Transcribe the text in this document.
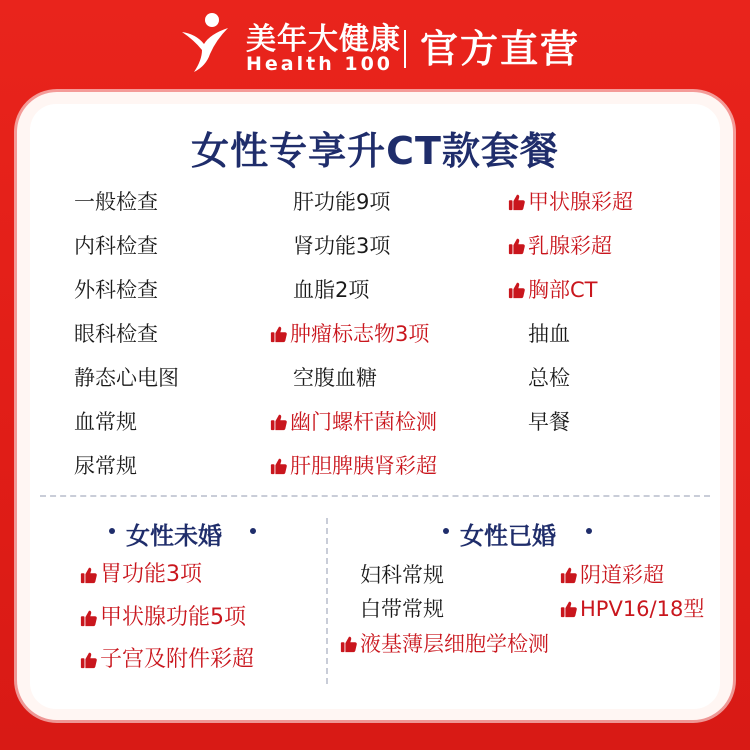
美年大健康
Health 100 官方直营
女性专享升CT款套餐
一般检查
内科检查
外科检查
眼科检查
静态心电图
血常规
尿常规
肝功能9项
肾功能3项
血脂2项
肿瘤标志物3项
空腹血糖
幽门螺杆菌检测
肝胆脾胰肾彩超
甲状腺彩超
乳腺彩超
胸部CT
抽血
总检
早餐
女性未婚
胃功能3项
甲状腺功能5项
子宫及附件彩超
女性已婚
妇科常规
白带常规
阴道彩超
HPV16/18型
液基薄层细胞学检测
